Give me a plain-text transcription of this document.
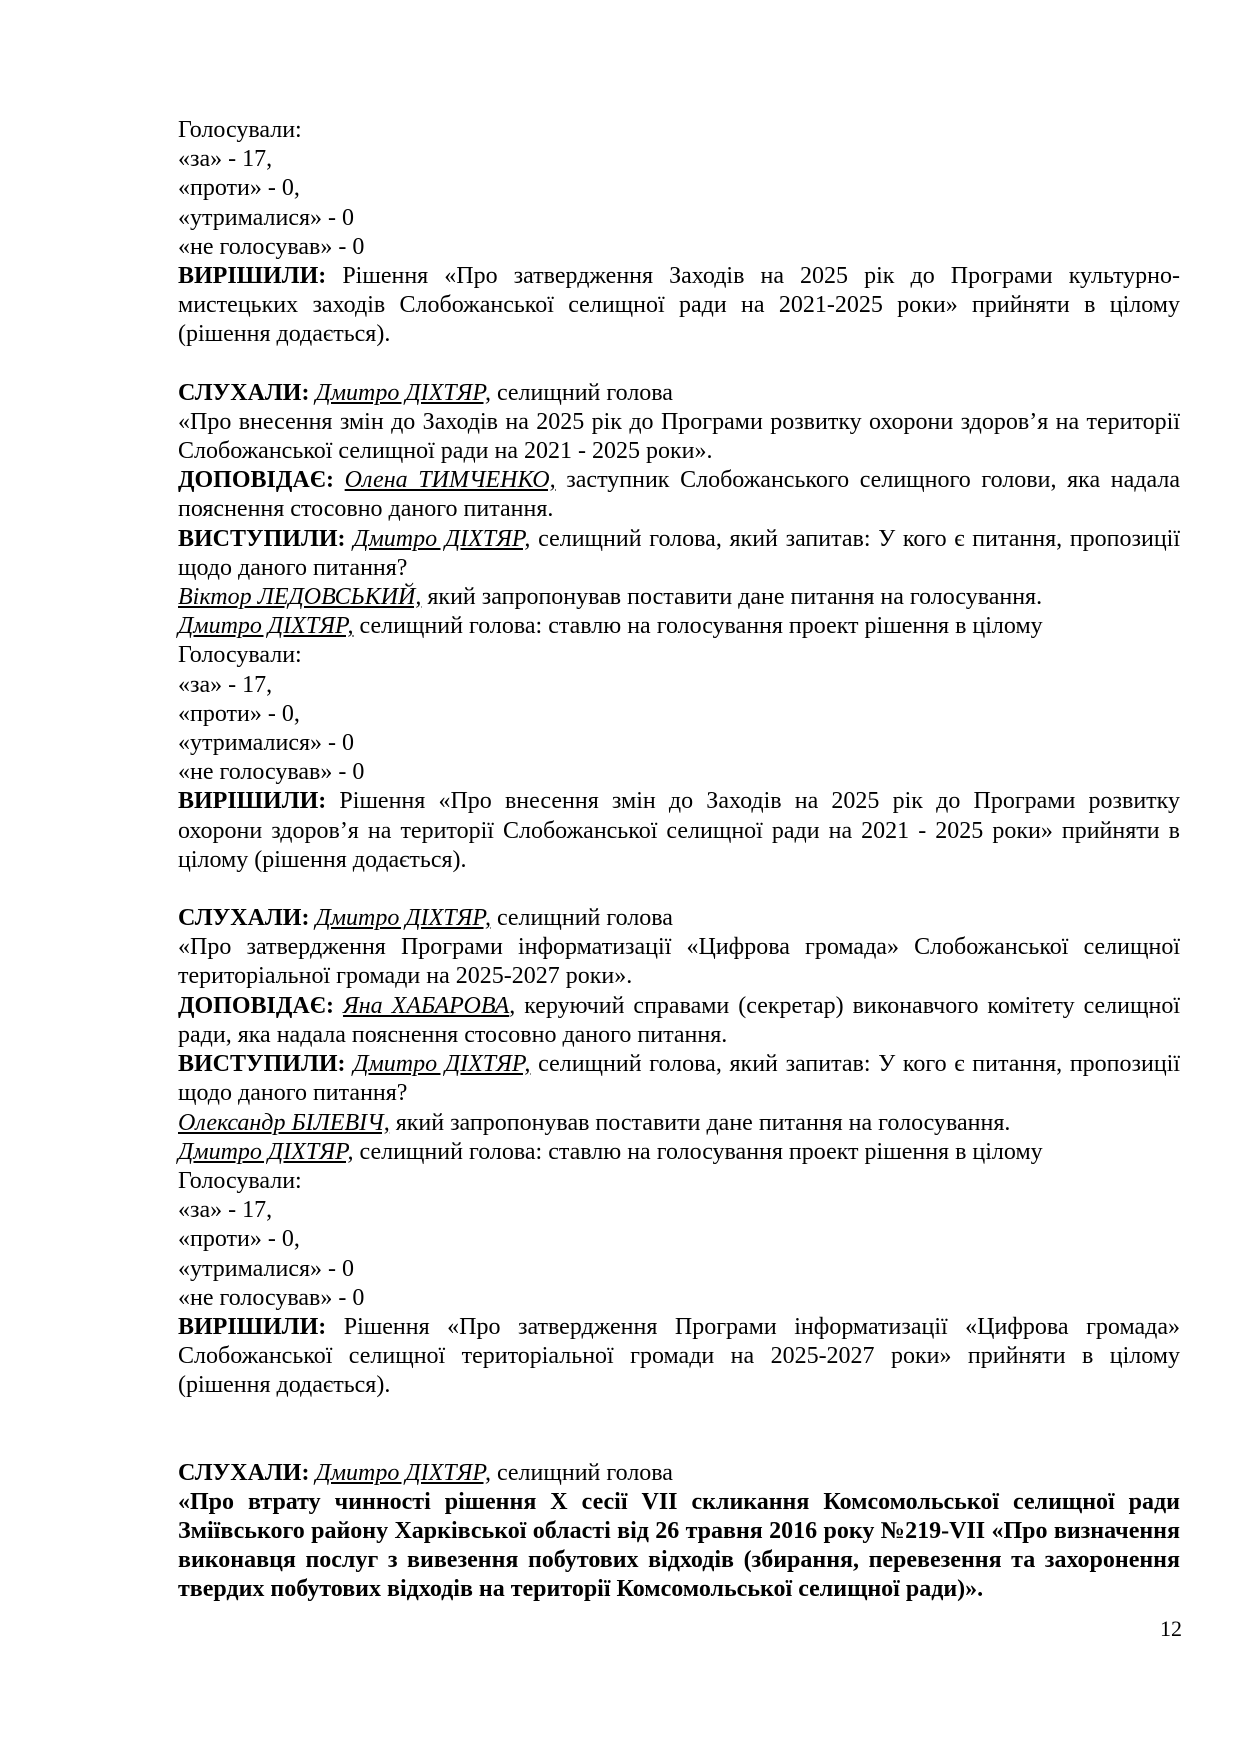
Голосували:
«за» - 17,
«проти» - 0,
«утрималися» - 0
«не голосував» - 0
ВИРІШИЛИ: Рішення «Про затвердження Заходів на 2025 рік до Програми культурно-мистецьких заходів Слобожанської селищної ради на 2021-2025 роки» прийняти в цілому (рішення додається).
СЛУХАЛИ: Дмитро ДІХТЯР, селищний голова
«Про внесення змін до Заходів на 2025 рік до Програми розвитку охорони здоров’я на території Слобожанської селищної ради на 2021 - 2025 роки».
ДОПОВІДАЄ: Олена ТИМЧЕНКО, заступник Слобожанського селищного голови, яка надала пояснення стосовно даного питання.
ВИСТУПИЛИ: Дмитро ДІХТЯР, селищний голова, який запитав: У кого є питання, пропозиції щодо даного питання?
Віктор ЛЕДОВСЬКИЙ, який запропонував поставити дане питання на голосування.
Дмитро ДІХТЯР, селищний голова: ставлю на голосування проект рішення в цілому
Голосували:
«за» - 17,
«проти» - 0,
«утрималися» - 0
«не голосував» - 0
ВИРІШИЛИ: Рішення «Про внесення змін до Заходів на 2025 рік до Програми розвитку охорони здоров’я на території Слобожанської селищної ради на 2021 - 2025 роки» прийняти в цілому (рішення додається).
СЛУХАЛИ: Дмитро ДІХТЯР, селищний голова
«Про затвердження Програми інформатизації «Цифрова громада» Слобожанської селищної територіальної громади на 2025-2027 роки».
ДОПОВІДАЄ: Яна ХАБАРОВА, керуючий справами (секретар) виконавчого комітету селищної ради, яка надала пояснення стосовно даного питання.
ВИСТУПИЛИ: Дмитро ДІХТЯР, селищний голова, який запитав: У кого є питання, пропозиції щодо даного питання?
Олександр БІЛЕВІЧ, який запропонував поставити дане питання на голосування.
Дмитро ДІХТЯР, селищний голова: ставлю на голосування проект рішення в цілому
Голосували:
«за» - 17,
«проти» - 0,
«утрималися» - 0
«не голосував» - 0
ВИРІШИЛИ: Рішення «Про затвердження Програми інформатизації «Цифрова громада» Слобожанської селищної територіальної громади на 2025-2027 роки» прийняти в цілому (рішення додається).
СЛУХАЛИ: Дмитро ДІХТЯР, селищний голова
«Про втрату чинності рішення X сесії VII скликання Комсомольської селищної ради Зміївського району Харківської області від 26 травня 2016 року №219-VII «Про визначення виконавця послуг з вивезення побутових відходів (збирання, перевезення та захоронення твердих побутових відходів на території Комсомольської селищної ради)».
12
